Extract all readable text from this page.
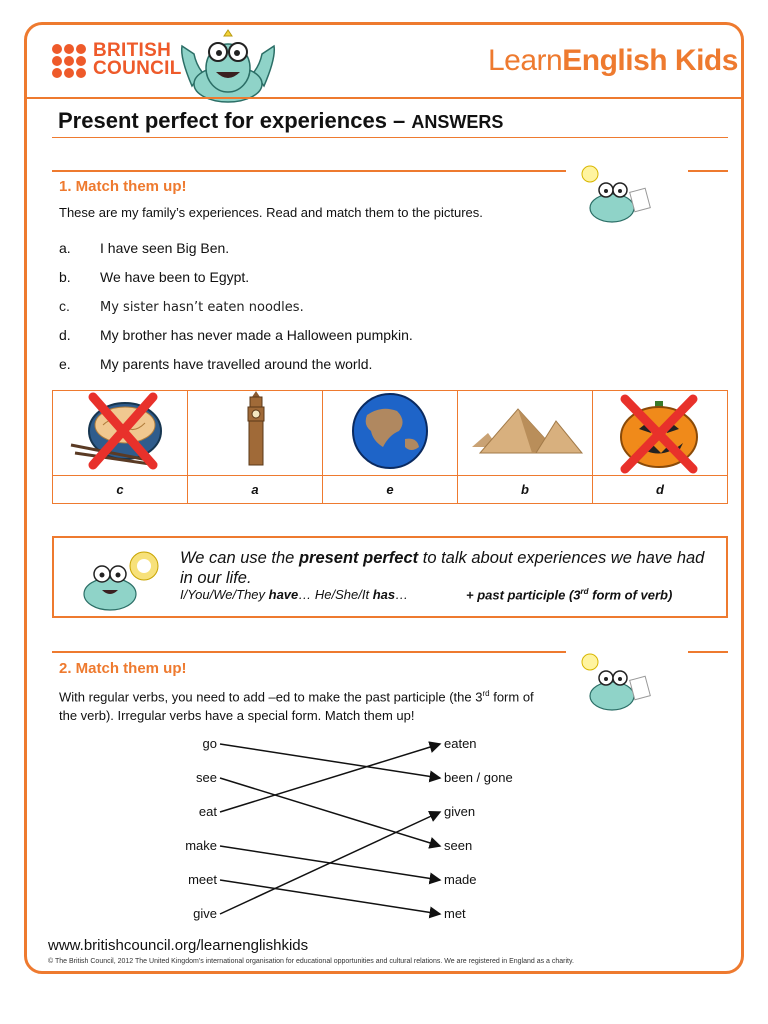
BRITISH
COUNCIL	LearnEnglish Kids
Present perfect for experiences – ANSWERS
1. Match them up!
These are my family’s experiences. Read and match them to the pictures.
a. I have seen Big Ben.
b. We have been to Egypt.
c. My sister hasn’t eaten noodles.
d. My brother has never made a Halloween pumpkin.
e. My parents have travelled around the world.
c	a	e	b	d
We can use the present perfect to talk about experiences we have had in our life.
I/You/We/They have… He/She/It has…	+ past participle (3rd form of verb)
2. Match them up!
With regular verbs, you need to add –ed to make the past participle (the 3rd form of the verb). Irregular verbs have a special form. Match them up!
go
see
eat
make
meet
give
eaten
been / gone
given
seen
made
met
www.britishcouncil.org/learnenglishkids
© The British Council, 2012 The United Kingdom’s international organisation for educational opportunities and cultural relations. We are registered in England as a charity.
